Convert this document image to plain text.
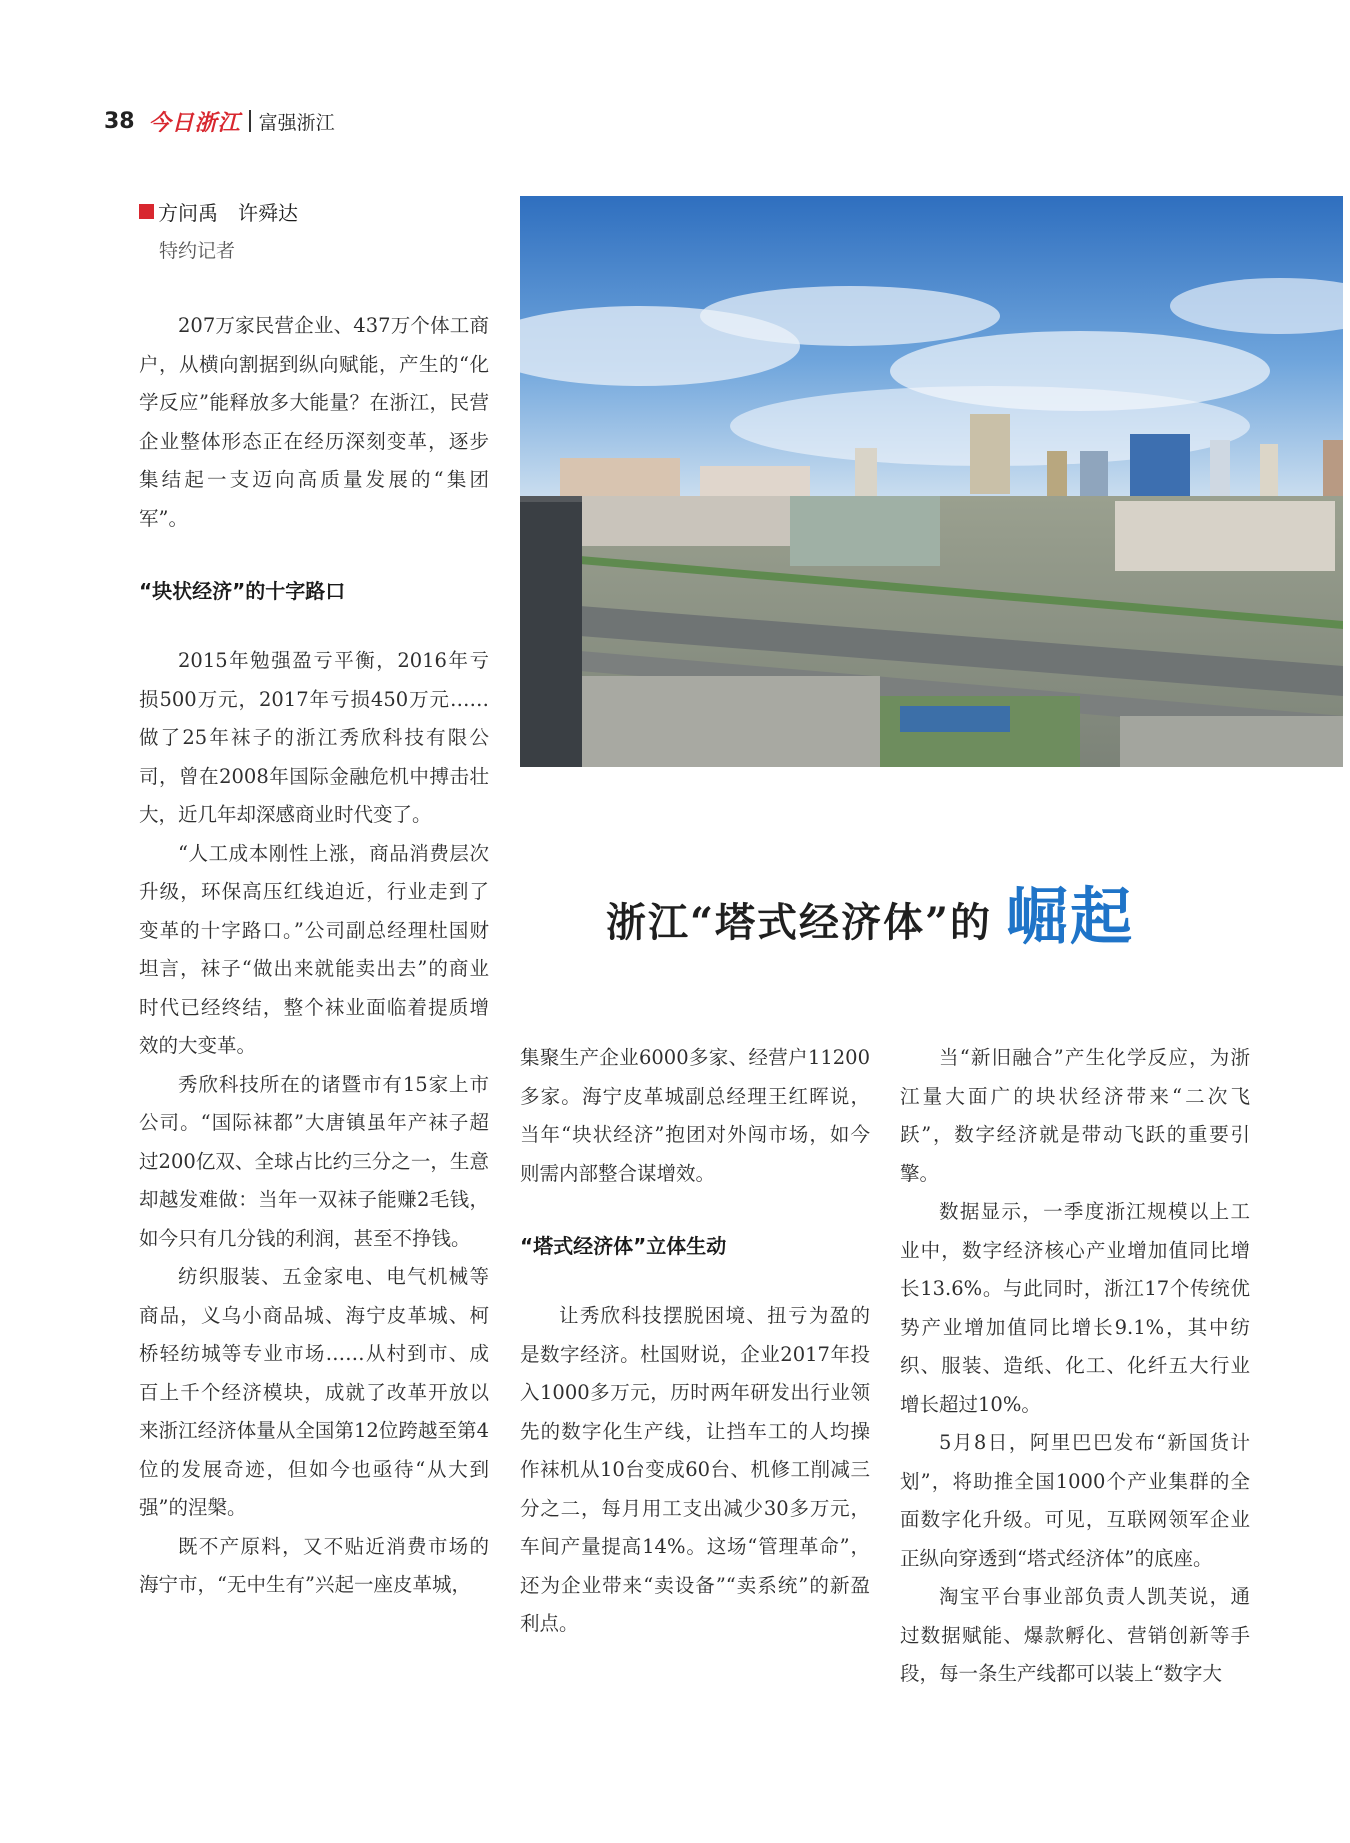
38 今日浙江 富强浙江
方问禹　许舜达
特约记者
浙江“塔式经济体”的 崛起

207万家民营企业、437万个体工商户，从横向割据到纵向赋能，产生的“化学反应”能释放多大能量？在浙江，民营企业整体形态正在经历深刻变革，逐步集结起一支迈向高质量发展的“集团军”。

“块状经济”的十字路口

2015年勉强盈亏平衡，2016年亏损500万元，2017年亏损450万元……做了25年袜子的浙江秀欣科技有限公司，曾在2008年国际金融危机中搏击壮大，近几年却深感商业时代变了。

“人工成本刚性上涨，商品消费层次升级，环保高压红线迫近，行业走到了变革的十字路口。”公司副总经理杜国财坦言，袜子“做出来就能卖出去”的商业时代已经终结，整个袜业面临着提质增效的大变革。

秀欣科技所在的诸暨市有15家上市公司。“国际袜都”大唐镇虽年产袜子超过200亿双、全球占比约三分之一，生意却越发难做：当年一双袜子能赚2毛钱，如今只有几分钱的利润，甚至不挣钱。

纺织服装、五金家电、电气机械等商品，义乌小商品城、海宁皮革城、柯桥轻纺城等专业市场……从村到市、成百上千个经济模块，成就了改革开放以来浙江经济体量从全国第12位跨越至第4位的发展奇迹，但如今也亟待“从大到强”的涅槃。

既不产原料，又不贴近消费市场的海宁市，“无中生有”兴起一座皮革城，

集聚生产企业6000多家、经营户11200多家。海宁皮革城副总经理王红晖说，当年“块状经济”抱团对外闯市场，如今则需内部整合谋增效。

“塔式经济体”立体生动

让秀欣科技摆脱困境、扭亏为盈的是数字经济。杜国财说，企业2017年投入1000多万元，历时两年研发出行业领先的数字化生产线，让挡车工的人均操作袜机从10台变成60台、机修工削减三分之二，每月用工支出减少30多万元，车间产量提高14%。这场“管理革命”，还为企业带来“卖设备”“卖系统”的新盈利点。

当“新旧融合”产生化学反应，为浙江量大面广的块状经济带来“二次飞跃”，数字经济就是带动飞跃的重要引擎。

数据显示，一季度浙江规模以上工业中，数字经济核心产业增加值同比增长13.6%。与此同时，浙江17个传统优势产业增加值同比增长9.1%，其中纺织、服装、造纸、化工、化纤五大行业增长超过10%。

5月8日，阿里巴巴发布“新国货计划”，将助推全国1000个产业集群的全面数字化升级。可见，互联网领军企业正纵向穿透到“塔式经济体”的底座。

淘宝平台事业部负责人凯芙说，通过数据赋能、爆款孵化、营销创新等手段，每一条生产线都可以装上“数字大
